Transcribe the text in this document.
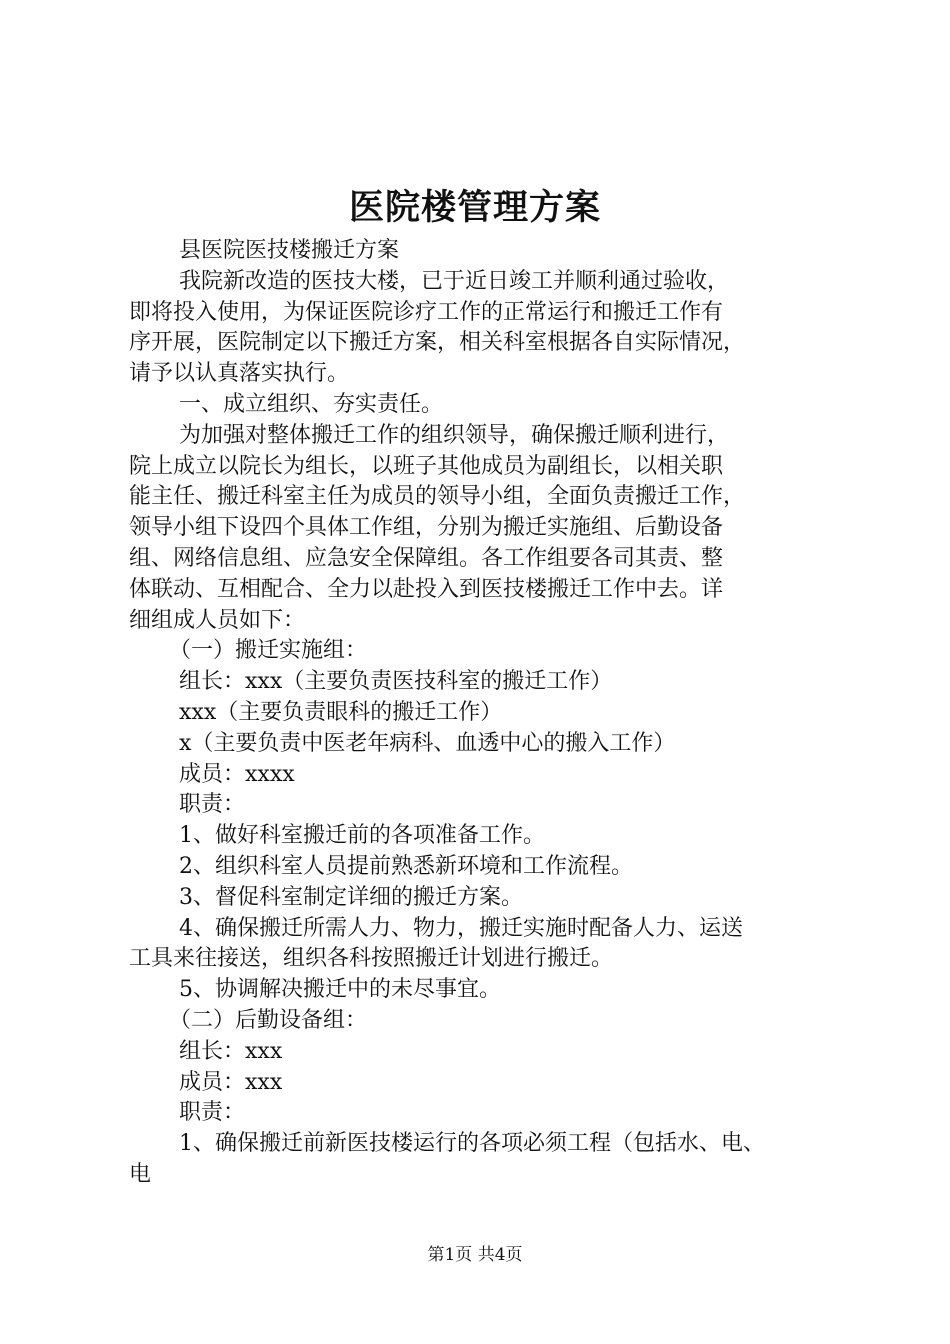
医院楼管理方案
县医院医技楼搬迁方案
我院新改造的医技大楼，已于近日竣工并顺利通过验收，
即将投入使用，为保证医院诊疗工作的正常运行和搬迁工作有
序开展，医院制定以下搬迁方案，相关科室根据各自实际情况，
请予以认真落实执行。
一、成立组织、夯实责任。
为加强对整体搬迁工作的组织领导，确保搬迁顺利进行，
院上成立以院长为组长，以班子其他成员为副组长，以相关职
能主任、搬迁科室主任为成员的领导小组，全面负责搬迁工作，
领导小组下设四个具体工作组，分别为搬迁实施组、后勤设备
组、网络信息组、应急安全保障组。各工作组要各司其责、整
体联动、互相配合、全力以赴投入到医技楼搬迁工作中去。详
细组成人员如下：
（一）搬迁实施组：
组长：xxx（主要负责医技科室的搬迁工作）
xxx（主要负责眼科的搬迁工作）
x（主要负责中医老年病科、血透中心的搬入工作）
成员：xxxx
职责：
1、做好科室搬迁前的各项准备工作。
2、组织科室人员提前熟悉新环境和工作流程。
3、督促科室制定详细的搬迁方案。
4、确保搬迁所需人力、物力，搬迁实施时配备人力、运送
工具来往接送，组织各科按照搬迁计划进行搬迁。
5、协调解决搬迁中的未尽事宜。
（二）后勤设备组：
组长：xxx
成员：xxx
职责：
1、确保搬迁前新医技楼运行的各项必须工程（包括水、电、
电
第1页 共4页
